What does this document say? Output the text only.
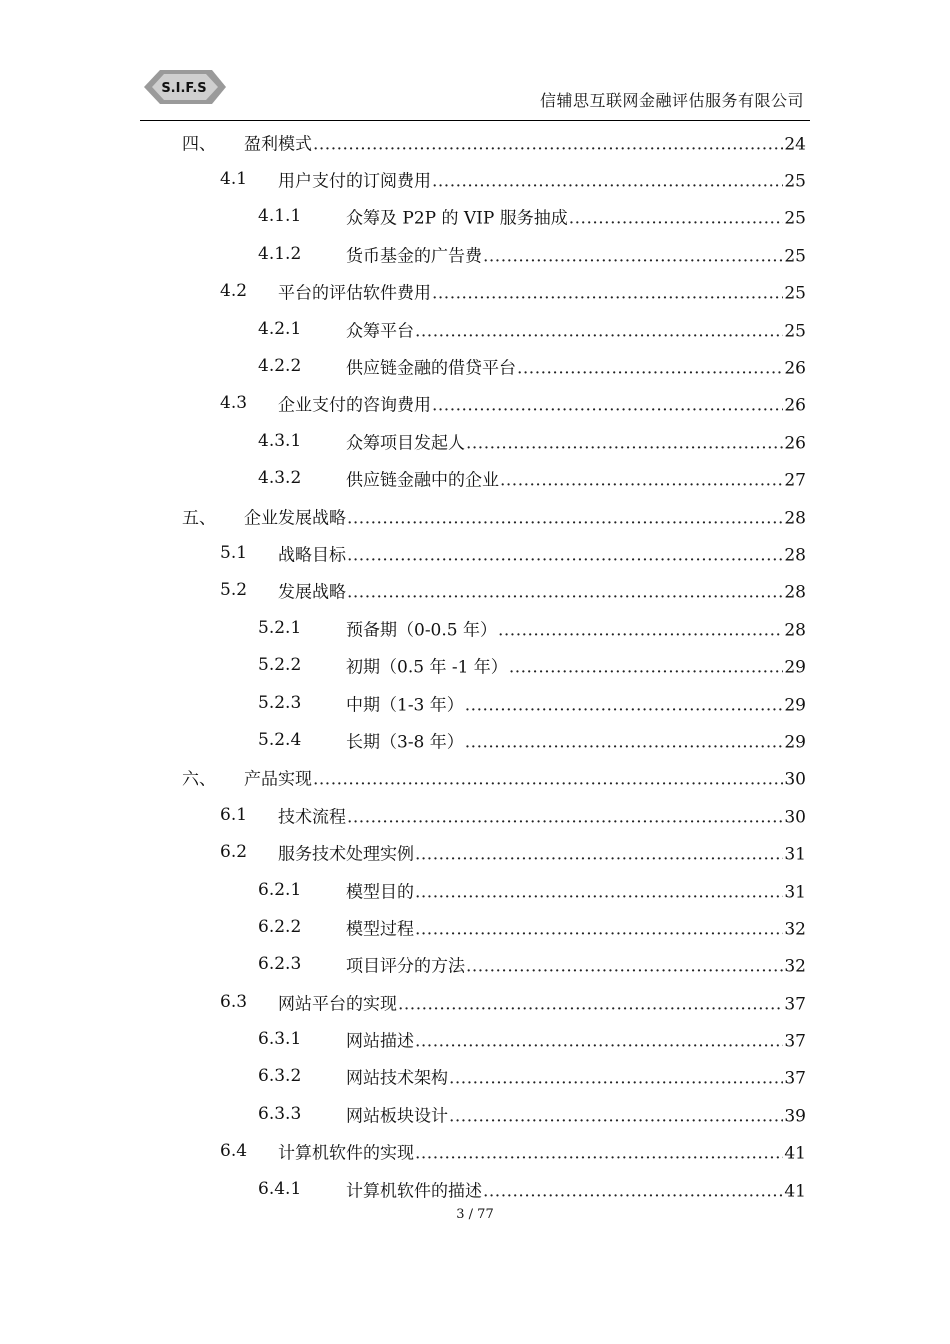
S.I.F.S
信辅思互联网金融评估服务有限公司
四、 盈利模式 .....	24
4.1 用户支付的订阅费用 .....	25
4.1.1	众筹及 P2P 的 VIP 服务抽成 .....	25
4.1.2	货币基金的广告费 .....	25
4.2 平台的评估软件费用 .....	25
4.2.1	众筹平台 .....	25
4.2.2	供应链金融的借贷平台 .....	26
4.3 企业支付的咨询费用 .....	26
4.3.1	众筹项目发起人 .....	26
4.3.2	供应链金融中的企业 .....	27
五、 企业发展战略 .....	28
5.1 战略目标 .....	28
5.2 发展战略 .....	28
5.2.1	预备期（0-0.5 年） .....	28
5.2.2	初期（0.5 年 -1 年） .....	29
5.2.3	中期（1-3 年） .....	29
5.2.4	长期（3-8 年） .....	29
六、 产品实现 .....	30
6.1 技术流程 .....	30
6.2 服务技术处理实例 .....	31
6.2.1	模型目的 .....	31
6.2.2	模型过程 .....	32
6.2.3	项目评分的方法 .....	32
6.3 网站平台的实现 .....	37
6.3.1	网站描述 .....	37
6.3.2	网站技术架构 .....	37
6.3.3	网站板块设计 .....	39
6.4 计算机软件的实现 .....	41
6.4.1	计算机软件的描述 .....	41
3 / 77
